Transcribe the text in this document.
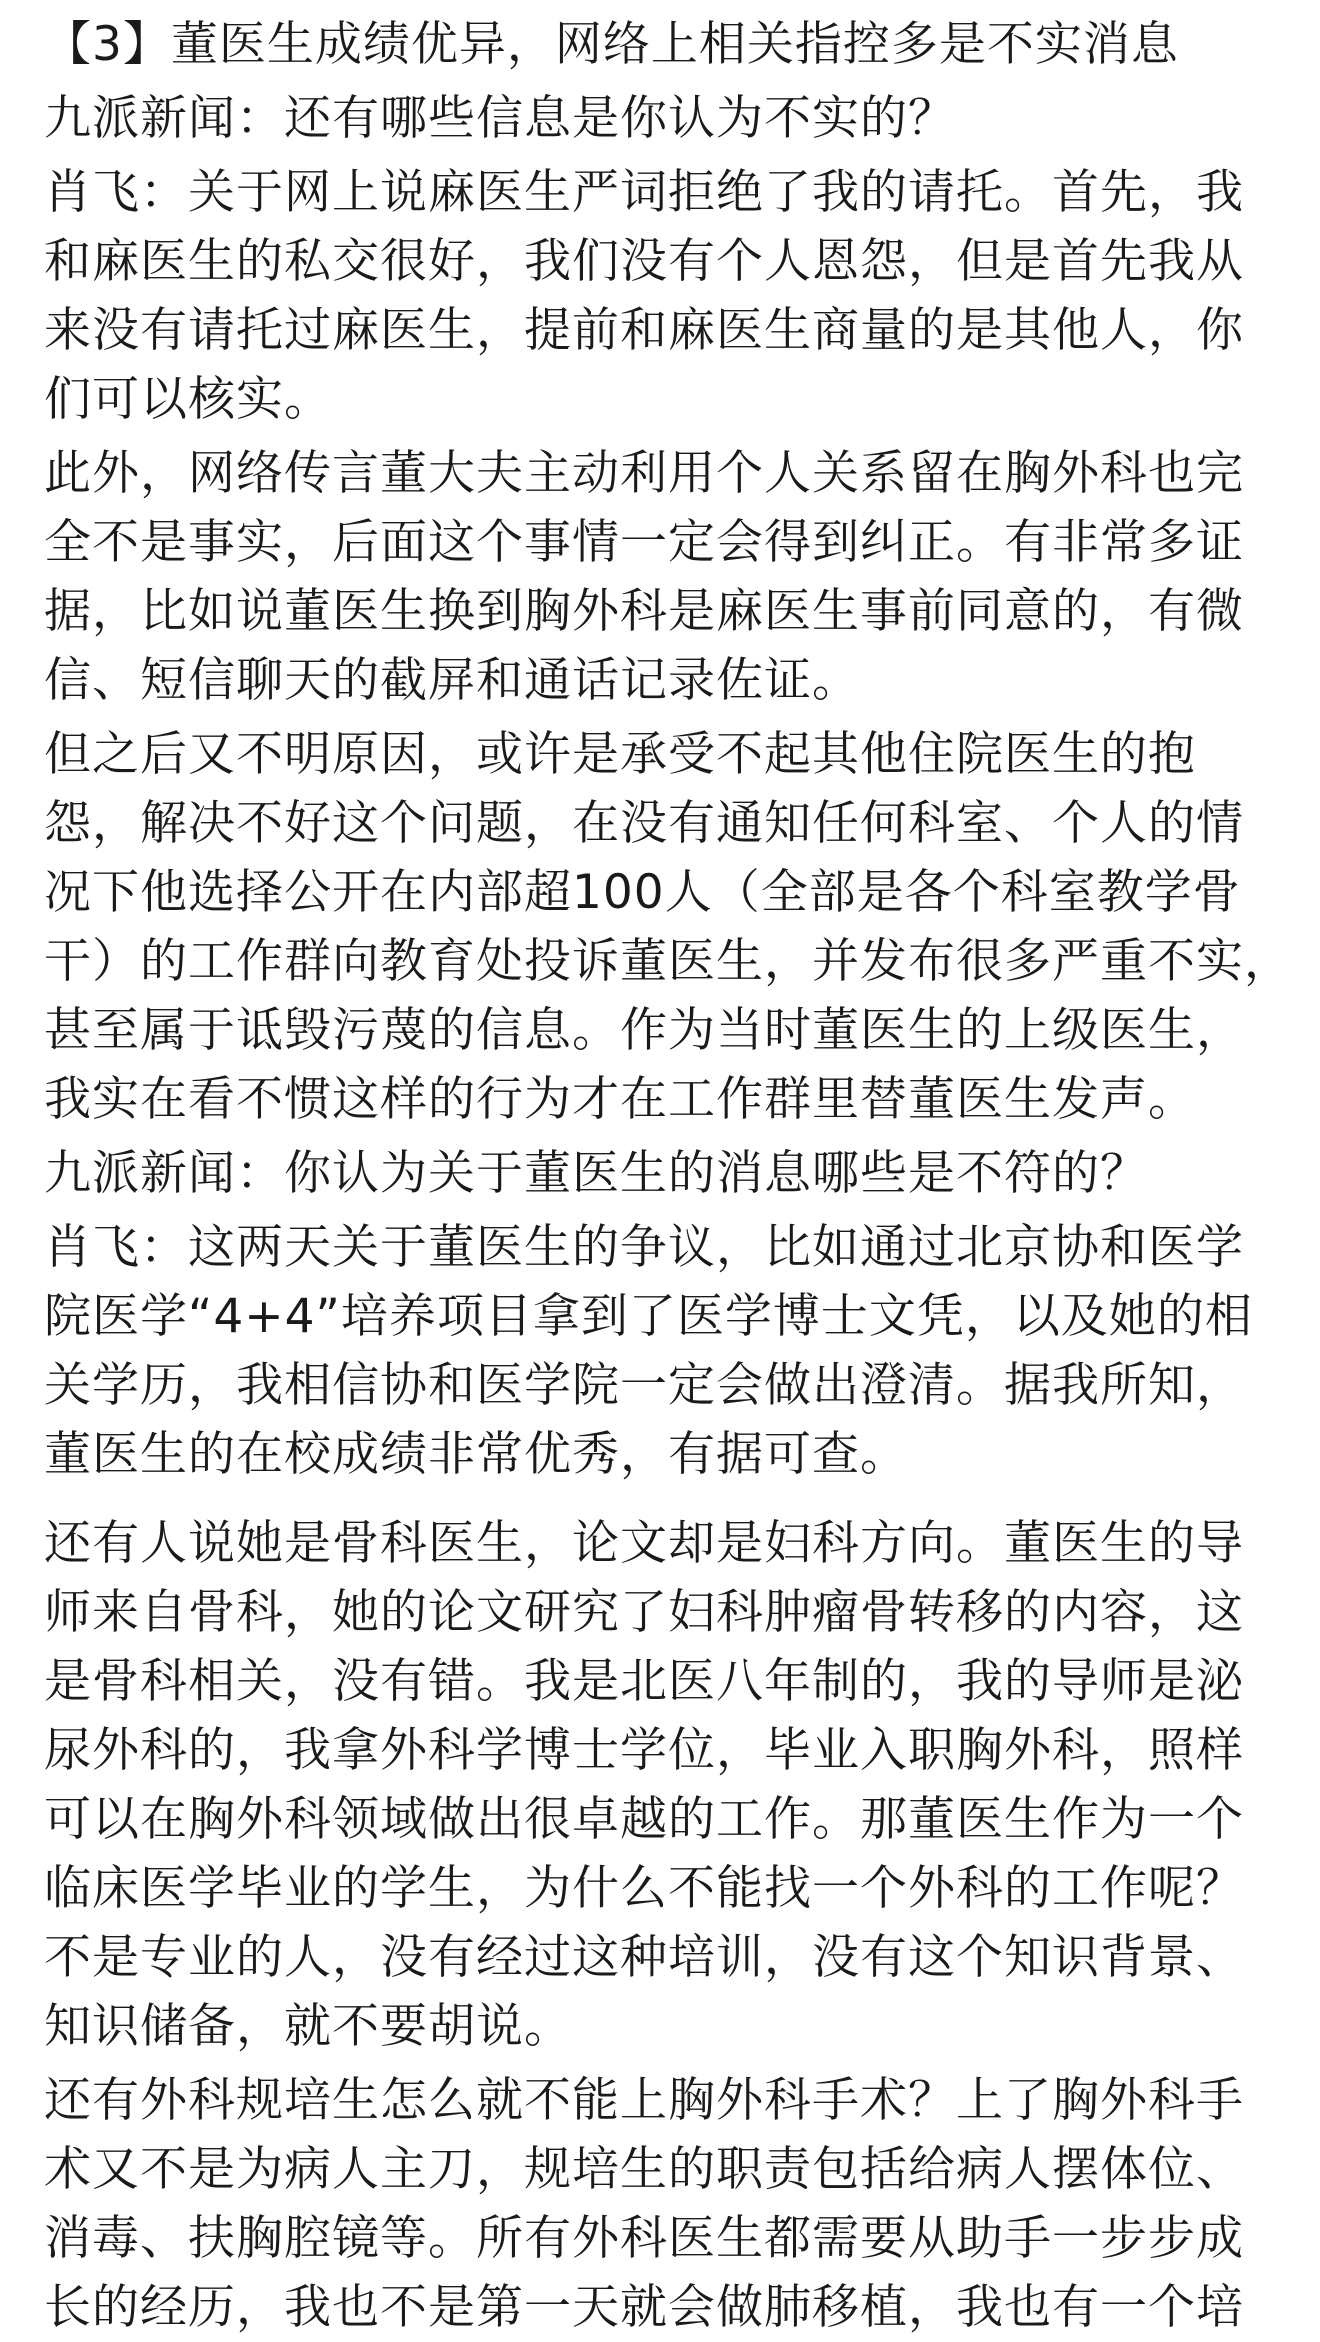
【3】董医生成绩优异，网络上相关指控多是不实消息

九派新闻：还有哪些信息是你认为不实的？

肖飞：关于网上说麻医生严词拒绝了我的请托。首先，我
和麻医生的私交很好，我们没有个人恩怨，但是首先我从
来没有请托过麻医生，提前和麻医生商量的是其他人，你
们可以核实。

此外，网络传言董大夫主动利用个人关系留在胸外科也完
全不是事实，后面这个事情一定会得到纠正。有非常多证
据，比如说董医生换到胸外科是麻医生事前同意的，有微
信、短信聊天的截屏和通话记录佐证。

但之后又不明原因，或许是承受不起其他住院医生的抱
怨，解决不好这个问题，在没有通知任何科室、个人的情
况下他选择公开在内部超100人（全部是各个科室教学骨
干）的工作群向教育处投诉董医生，并发布很多严重不实，
甚至属于诋毁污蔑的信息。作为当时董医生的上级医生，
我实在看不惯这样的行为才在工作群里替董医生发声。

九派新闻：你认为关于董医生的消息哪些是不符的？

肖飞：这两天关于董医生的争议，比如通过北京协和医学
院医学“4+4”培养项目拿到了医学博士文凭，以及她的相
关学历，我相信协和医学院一定会做出澄清。据我所知，
董医生的在校成绩非常优秀，有据可查。

还有人说她是骨科医生，论文却是妇科方向。董医生的导
师来自骨科，她的论文研究了妇科肿瘤骨转移的内容，这
是骨科相关，没有错。我是北医八年制的，我的导师是泌
尿外科的，我拿外科学博士学位，毕业入职胸外科，照样
可以在胸外科领域做出很卓越的工作。那董医生作为一个
临床医学毕业的学生，为什么不能找一个外科的工作呢？
不是专业的人，没有经过这种培训，没有这个知识背景、
知识储备，就不要胡说。

还有外科规培生怎么就不能上胸外科手术？上了胸外科手
术又不是为病人主刀，规培生的职责包括给病人摆体位、
消毒、扶胸腔镜等。所有外科医生都需要从助手一步步成
长的经历，我也不是第一天就会做肺移植，我也有一个培
